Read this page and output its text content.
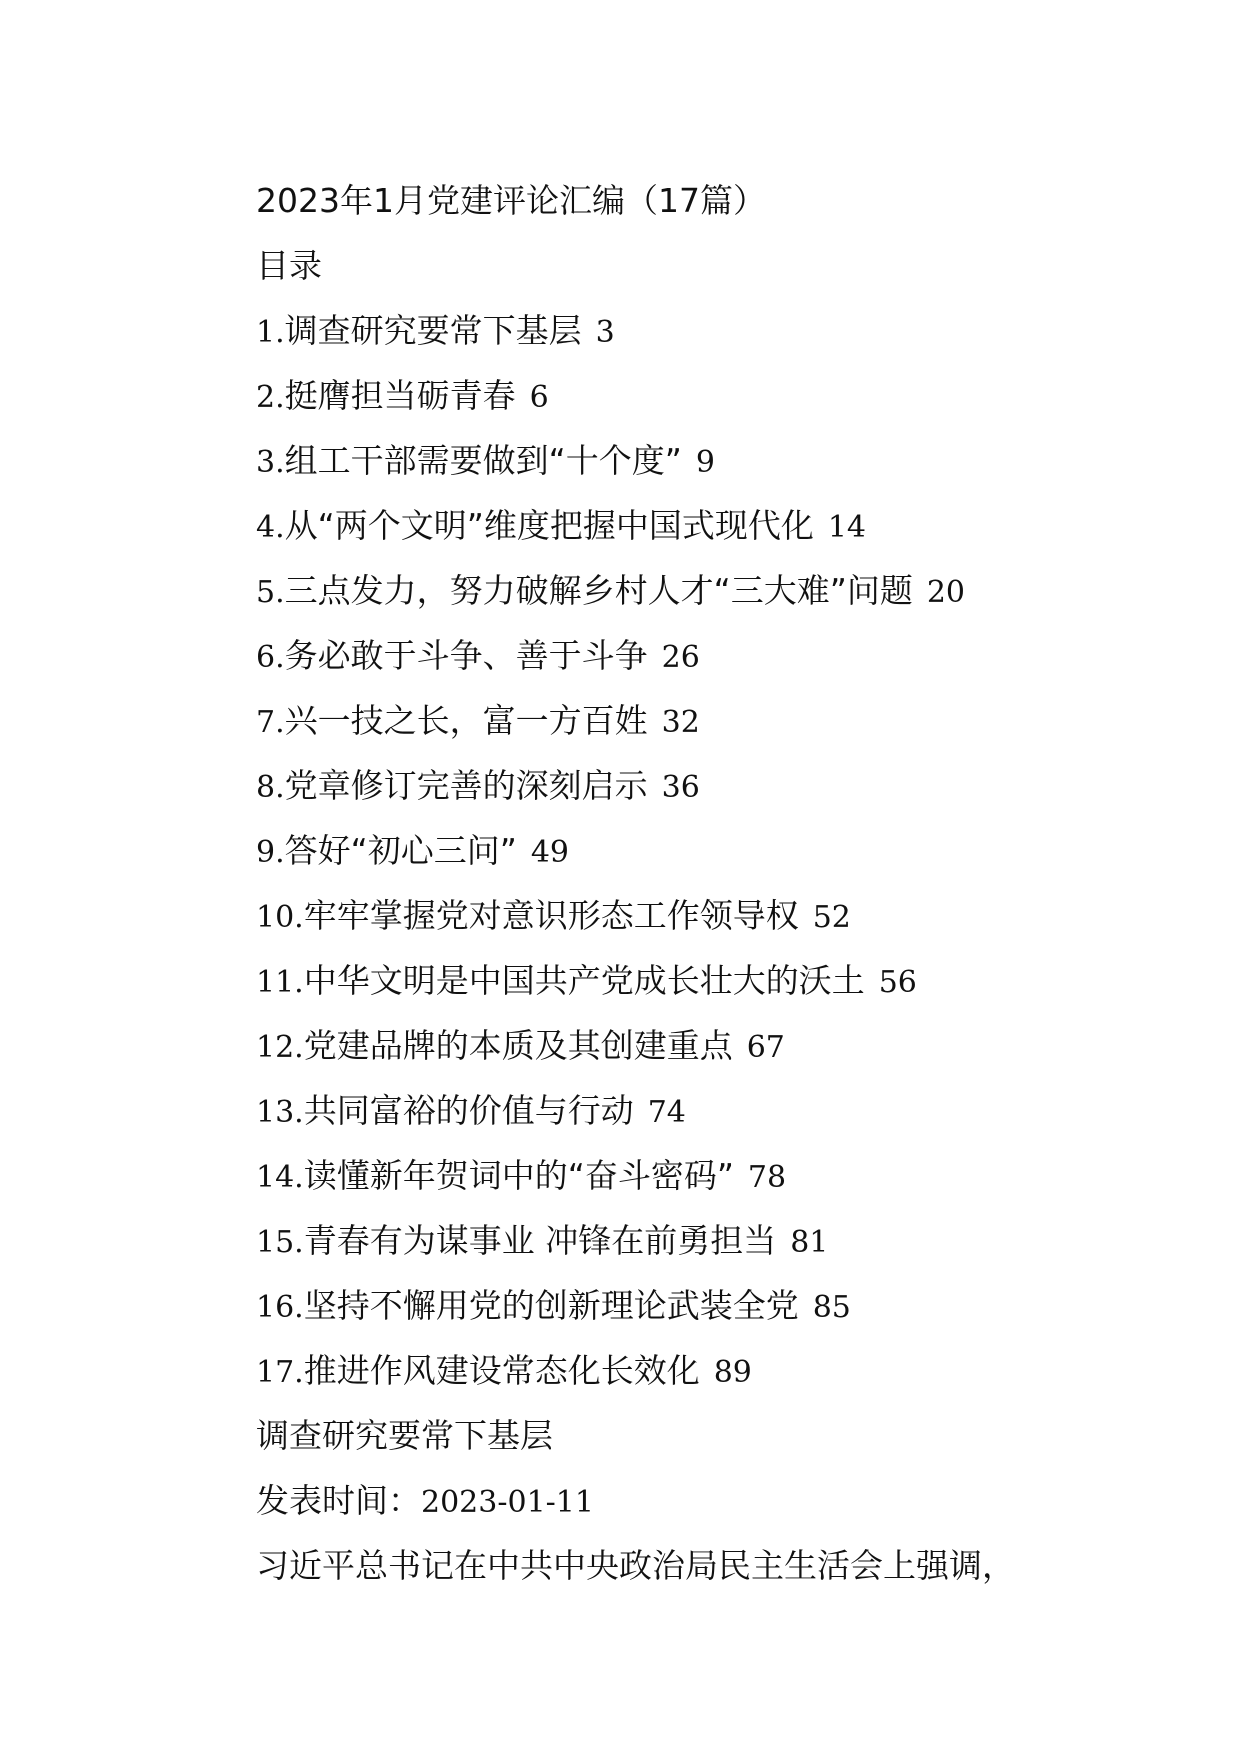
2023年1月党建评论汇编（17篇）
目录
1.调查研究要常下基层 3
2.挺膺担当砺青春 6
3.组工干部需要做到“十个度” 9
4.从“两个文明”维度把握中国式现代化 14
5.三点发力，努力破解乡村人才“三大难”问题 20
6.务必敢于斗争、善于斗争 26
7.兴一技之长，富一方百姓 32
8.党章修订完善的深刻启示 36
9.答好“初心三问” 49
10.牢牢掌握党对意识形态工作领导权 52
11.中华文明是中国共产党成长壮大的沃土 56
12.党建品牌的本质及其创建重点 67
13.共同富裕的价值与行动 74
14.读懂新年贺词中的“奋斗密码” 78
15.青春有为谋事业 冲锋在前勇担当 81
16.坚持不懈用党的创新理论武装全党 85
17.推进作风建设常态化长效化 89
调查研究要常下基层
发表时间：2023-01-11
习近平总书记在中共中央政治局民主生活会上强调，
